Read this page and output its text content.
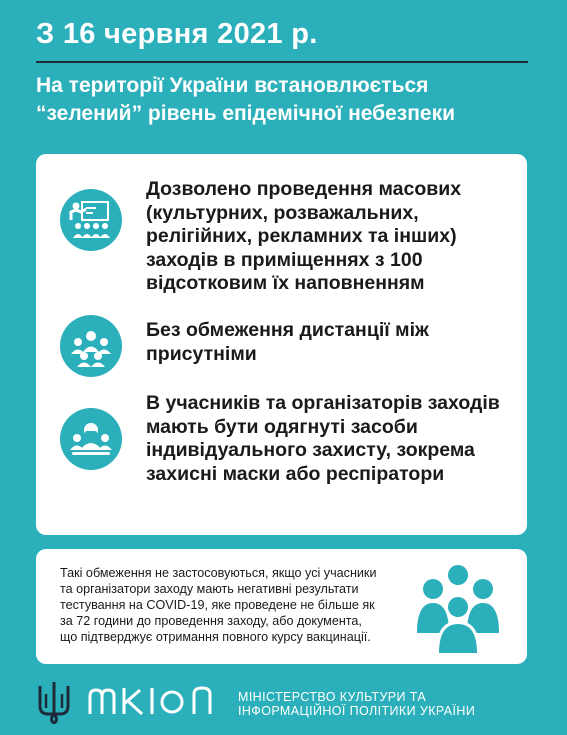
З 16 червня 2021 р.
На території України встановлюється
“зелений” рівень епідемічної небезпеки
Дозволено проведення масових
(культурних, розважальних,
релігійних, рекламних та інших)
заходів в приміщеннях з 100
відсотковим їх наповненням
Без обмеження дистанції між
присутніми
В учасників та організаторів заходів
мають бути одягнуті засоби
індивідуального захисту, зокрема
захисні маски або респіратори
Такі обмеження не застосовуються, якщо усі учасники
та організатори заходу мають негативні результати
тестування на COVID-19, яке проведене не більше як
за 72 години до проведення заходу, або документа,
що підтверджує отримання повного курсу вакцинації.
МІНІСТЕРСТВО КУЛЬТУРИ ТА
ІНФОРМАЦІЙНОЇ ПОЛІТИКИ УКРАЇНИ
